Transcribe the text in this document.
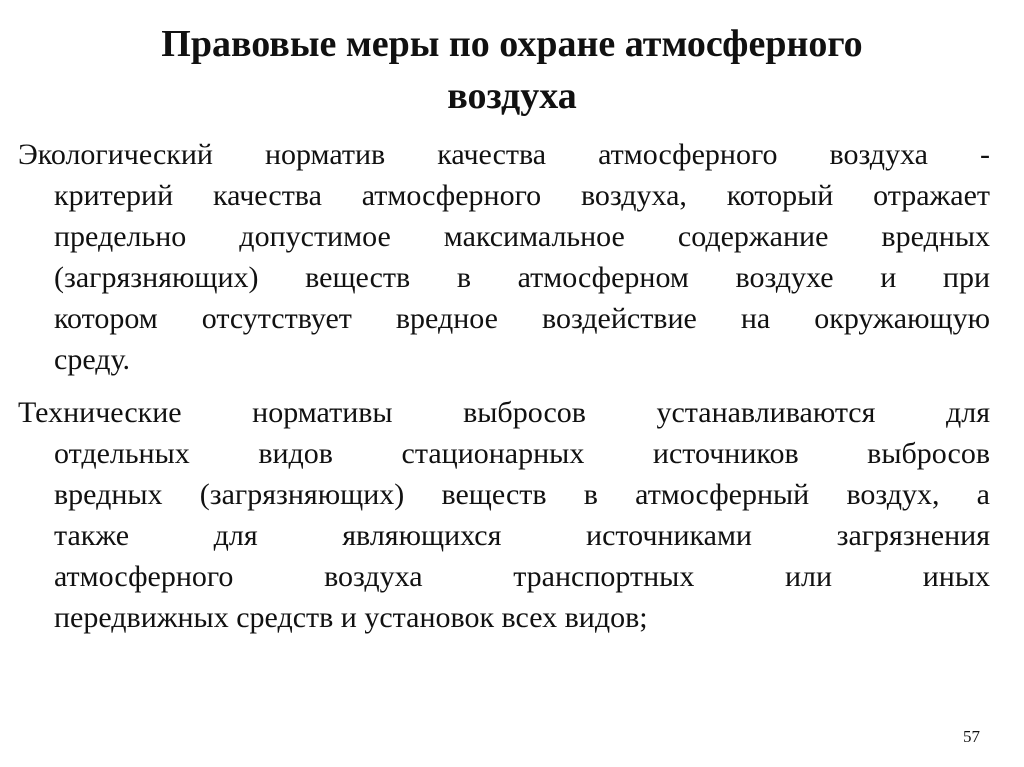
Правовые меры по охране атмосферного
воздуха

Экологический норматив качества атмосферного воздуха -
критерий качества атмосферного воздуха, который отражает
предельно допустимое максимальное содержание вредных
(загрязняющих) веществ в атмосферном воздухе и при
котором отсутствует вредное воздействие на окружающую
среду.

Технические нормативы выбросов устанавливаются для
отдельных видов стационарных источников выбросов
вредных (загрязняющих) веществ в атмосферный воздух, а
также для являющихся источниками загрязнения
атмосферного воздуха транспортных или иных
передвижных средств и установок всех видов;

57
